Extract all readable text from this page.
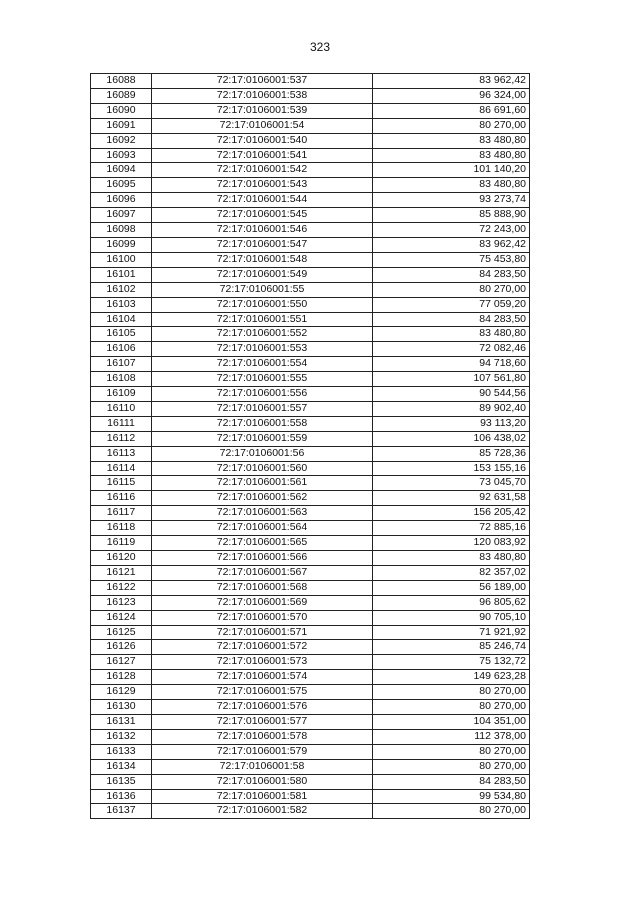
323
16088	72:17:0106001:537	83 962,42
16089	72:17:0106001:538	96 324,00
16090	72:17:0106001:539	86 691,60
16091	72:17:0106001:54	80 270,00
16092	72:17:0106001:540	83 480,80
16093	72:17:0106001:541	83 480,80
16094	72:17:0106001:542	101 140,20
16095	72:17:0106001:543	83 480,80
16096	72:17:0106001:544	93 273,74
16097	72:17:0106001:545	85 888,90
16098	72:17:0106001:546	72 243,00
16099	72:17:0106001:547	83 962,42
16100	72:17:0106001:548	75 453,80
16101	72:17:0106001:549	84 283,50
16102	72:17:0106001:55	80 270,00
16103	72:17:0106001:550	77 059,20
16104	72:17:0106001:551	84 283,50
16105	72:17:0106001:552	83 480,80
16106	72:17:0106001:553	72 082,46
16107	72:17:0106001:554	94 718,60
16108	72:17:0106001:555	107 561,80
16109	72:17:0106001:556	90 544,56
16110	72:17:0106001:557	89 902,40
16111	72:17:0106001:558	93 113,20
16112	72:17:0106001:559	106 438,02
16113	72:17:0106001:56	85 728,36
16114	72:17:0106001:560	153 155,16
16115	72:17:0106001:561	73 045,70
16116	72:17:0106001:562	92 631,58
16117	72:17:0106001:563	156 205,42
16118	72:17:0106001:564	72 885,16
16119	72:17:0106001:565	120 083,92
16120	72:17:0106001:566	83 480,80
16121	72:17:0106001:567	82 357,02
16122	72:17:0106001:568	56 189,00
16123	72:17:0106001:569	96 805,62
16124	72:17:0106001:570	90 705,10
16125	72:17:0106001:571	71 921,92
16126	72:17:0106001:572	85 246,74
16127	72:17:0106001:573	75 132,72
16128	72:17:0106001:574	149 623,28
16129	72:17:0106001:575	80 270,00
16130	72:17:0106001:576	80 270,00
16131	72:17:0106001:577	104 351,00
16132	72:17:0106001:578	112 378,00
16133	72:17:0106001:579	80 270,00
16134	72:17:0106001:58	80 270,00
16135	72:17:0106001:580	84 283,50
16136	72:17:0106001:581	99 534,80
16137	72:17:0106001:582	80 270,00
